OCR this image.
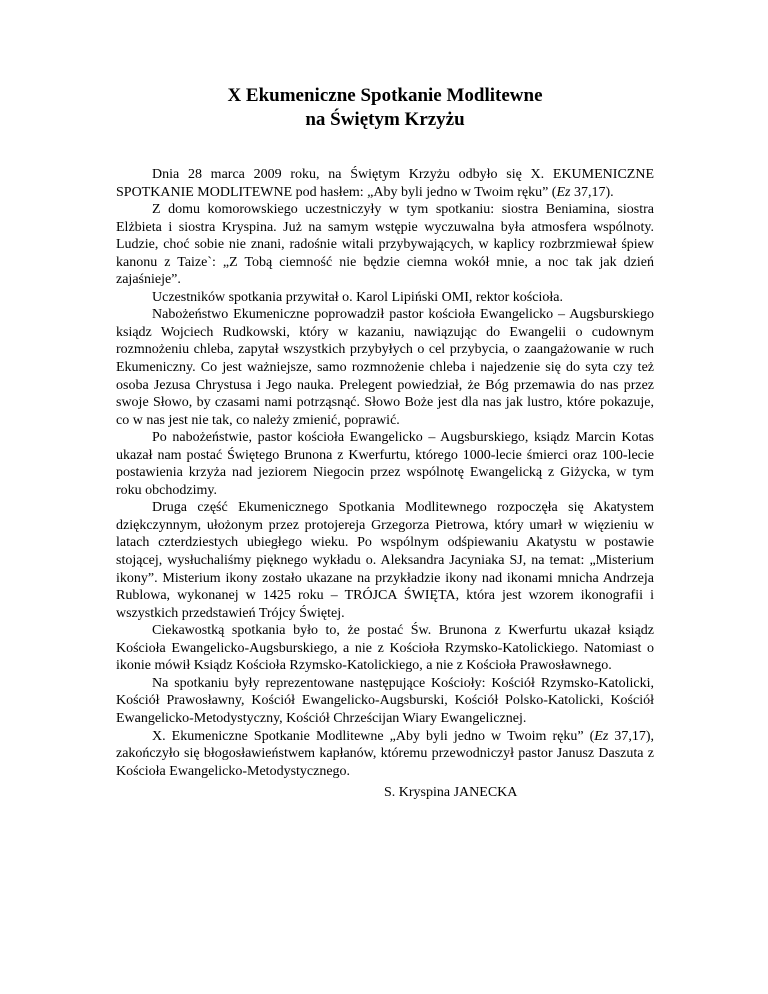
X Ekumeniczne Spotkanie Modlitewne
na Świętym Krzyżu

Dnia 28 marca 2009 roku, na Świętym Krzyżu odbyło się X. EKUMENICZNE SPOTKANIE MODLITEWNE pod hasłem: „Aby byli jedno w Twoim ręku” (Ez 37,17).

Z domu komorowskiego uczestniczyły w tym spotkaniu: siostra Beniamina, siostra Elżbieta i siostra Kryspina. Już na samym wstępie wyczuwalna była atmosfera wspólnoty. Ludzie, choć sobie nie znani, radośnie witali przybywających, w kaplicy rozbrzmiewał śpiew kanonu z Taize`: „Z Tobą ciemność nie będzie ciemna wokół mnie, a noc tak jak dzień zajaśnieje”.

Uczestników spotkania przywitał o. Karol Lipiński OMI, rektor kościoła.

Nabożeństwo Ekumeniczne poprowadził pastor kościoła Ewangelicko – Augsburskiego ksiądz Wojciech Rudkowski, który w kazaniu, nawiązując do Ewangelii o cudownym rozmnożeniu chleba, zapytał wszystkich przybyłych o cel przybycia, o zaangażowanie w ruch Ekumeniczny. Co jest ważniejsze, samo rozmnożenie chleba i najedzenie się do syta czy też osoba Jezusa Chrystusa i Jego nauka. Prelegent powiedział, że Bóg przemawia do nas przez swoje Słowo, by czasami nami potrząsnąć. Słowo Boże jest dla nas jak lustro, które pokazuje, co w nas jest nie tak, co należy zmienić, poprawić.

Po nabożeństwie, pastor kościoła Ewangelicko – Augsburskiego, ksiądz Marcin Kotas ukazał nam postać Świętego Brunona z Kwerfurtu, którego 1000-lecie śmierci oraz 100-lecie postawienia krzyża nad jeziorem Niegocin przez wspólnotę Ewangelicką z Giżycka, w tym roku obchodzimy.

Druga część Ekumenicznego Spotkania Modlitewnego rozpoczęła się Akatystem dziękczynnym, ułożonym przez protojereja Grzegorza Pietrowa, który umarł w więzieniu w latach czterdziestych ubiegłego wieku. Po wspólnym odśpiewaniu Akatystu w postawie stojącej, wysłuchaliśmy pięknego wykładu o. Aleksandra Jacyniaka SJ, na temat: „Misterium ikony”. Misterium ikony zostało ukazane na przykładzie ikony nad ikonami mnicha Andrzeja Rublowa, wykonanej w 1425 roku – TRÓJCA ŚWIĘTA, która jest wzorem ikonografii i wszystkich przedstawień Trójcy Świętej.

Ciekawostką spotkania było to, że postać Św. Brunona z Kwerfurtu ukazał ksiądz Kościoła Ewangelicko-Augsburskiego, a nie z Kościoła Rzymsko-Katolickiego. Natomiast o ikonie mówił Ksiądz Kościoła Rzymsko-Katolickiego, a nie z Kościoła Prawosławnego.

Na spotkaniu były reprezentowane następujące Kościoły: Kościół Rzymsko-Katolicki, Kościół Prawosławny, Kościół Ewangelicko-Augsburski, Kościół Polsko-Katolicki, Kościół Ewangelicko-Metodystyczny, Kościół Chrześcijan Wiary Ewangelicznej.

X. Ekumeniczne Spotkanie Modlitewne „Aby byli jedno w Twoim ręku” (Ez 37,17), zakończyło się błogosławieństwem kapłanów, któremu przewodniczył pastor Janusz Daszuta z Kościoła Ewangelicko-Metodystycznego.

S. Kryspina JANECKA
